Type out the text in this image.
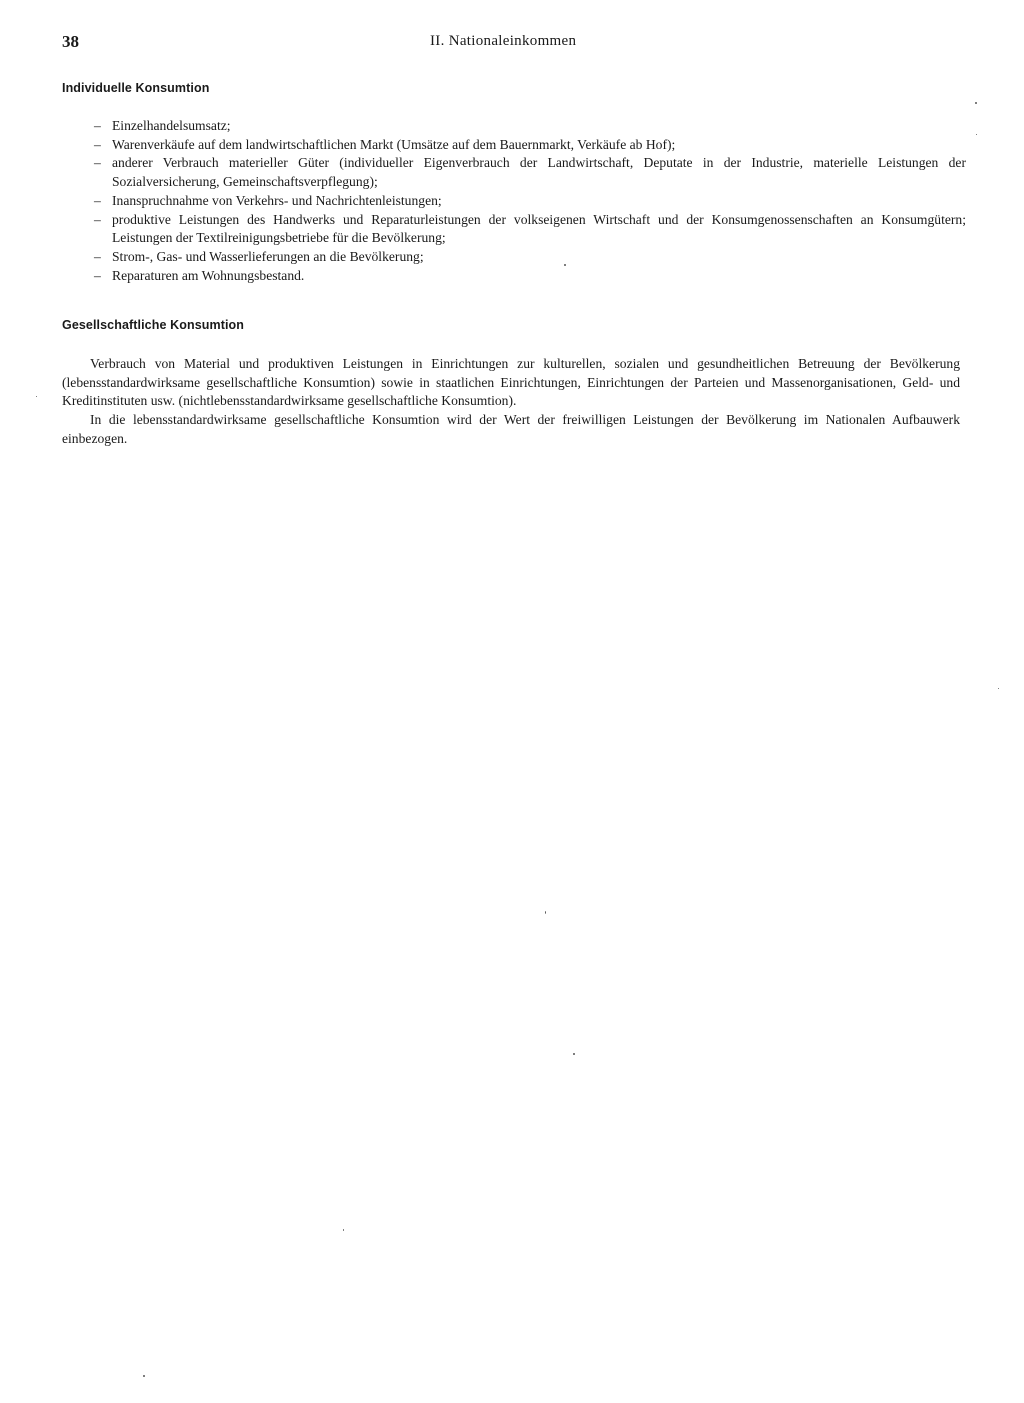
38	II. Nationaleinkommen
Individuelle Konsumtion
– Einzelhandelsumsatz;
– Warenverkäufe auf dem landwirtschaftlichen Markt (Umsätze auf dem Bauernmarkt, Verkäufe ab Hof);
– anderer Verbrauch materieller Güter (individueller Eigenverbrauch der Landwirtschaft, Deputate in der Industrie, materielle Leistungen der Sozialversicherung, Gemeinschaftsverpflegung);
– Inanspruchnahme von Verkehrs- und Nachrichtenleistungen;
– produktive Leistungen des Handwerks und Reparaturleistungen der volkseigenen Wirtschaft und der Konsumgenossenschaften an Konsumgütern; Leistungen der Textilreinigungsbetriebe für die Bevölkerung;
– Strom-, Gas- und Wasserlieferungen an die Bevölkerung;
– Reparaturen am Wohnungsbestand.
Gesellschaftliche Konsumtion

Verbrauch von Material und produktiven Leistungen in Einrichtungen zur kulturellen, sozialen und gesundheitlichen Betreuung der Bevölkerung (lebensstandardwirksame gesellschaftliche Konsumtion) sowie in staatlichen Einrichtungen, Einrichtungen der Parteien und Massenorganisationen, Geld- und Kreditinstituten usw. (nichtlebensstandardwirksame gesellschaftliche Konsumtion).

In die lebensstandardwirksame gesellschaftliche Konsumtion wird der Wert der freiwilligen Leistungen der Bevölkerung im Nationalen Aufbauwerk einbezogen.
